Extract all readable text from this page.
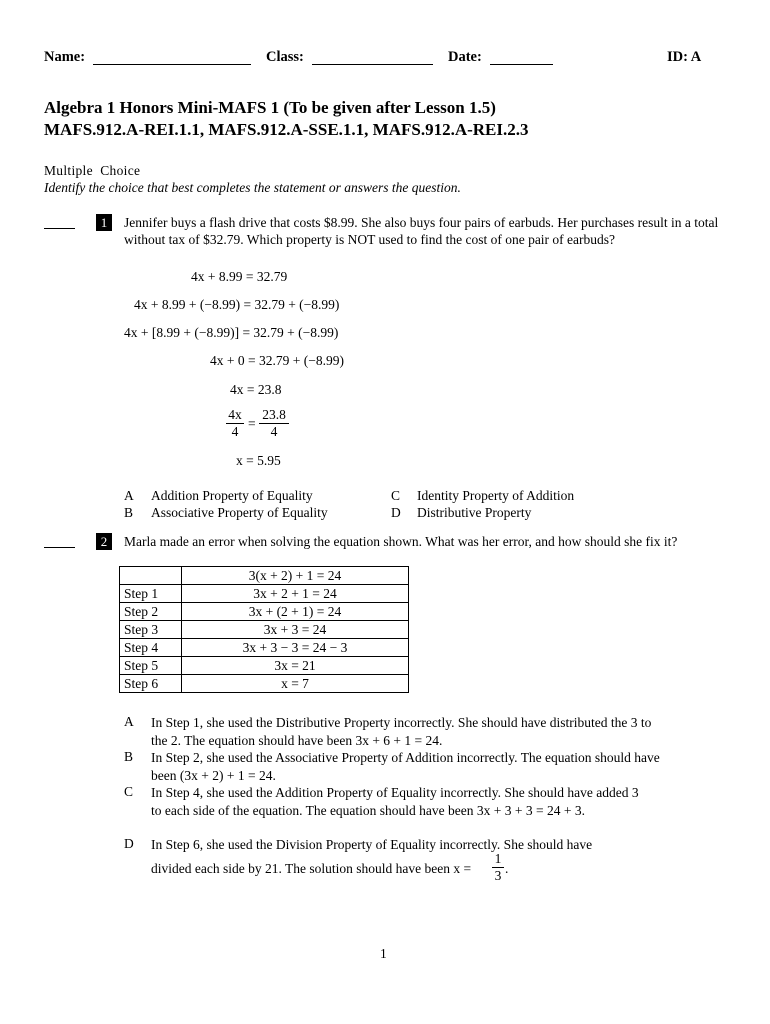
Name:	Class:	Date:	ID: A
Algebra 1 Honors Mini-MAFS 1 (To be given after Lesson 1.5)
MAFS.912.A-REI.1.1, MAFS.912.A-SSE.1.1, MAFS.912.A-REI.2.3
Multiple  Choice
Identify the choice that best completes the statement or answers the question.
1	Jennifer buys a flash drive that costs $8.99. She also buys four pairs of earbuds. Her purchases result in a total without tax of $32.79. Which property is NOT used to find the cost of one pair of earbuds?
4x + 8.99 = 32.79
4x + 8.99 + (−8.99) = 32.79 + (−8.99)
4x + [8.99 + (−8.99)] = 32.79 + (−8.99)
4x + 0 = 32.79 + (−8.99)
4x = 23.8
$\frac{4x}{4} = \frac{23.8}{4}$
x = 5.95
A Addition Property of Equality
B Associative Property of Equality
C Identity Property of Addition
D Distributive Property
2	Marla made an error when solving the equation shown. What was her error, and how should she fix it?
	3(x + 2) + 1 = 24
Step 1	3x + 2 + 1 = 24
Step 2	3x + (2 + 1) = 24
Step 3	3x + 3 = 24
Step 4	3x + 3 − 3 = 24 − 3
Step 5	3x = 21
Step 6	x = 7
A In Step 1, she used the Distributive Property incorrectly. She should have distributed the 3 to the 2. The equation should have been 3x + 6 + 1 = 24.
B In Step 2, she used the Associative Property of Addition incorrectly. The equation should have been (3x + 2) + 1 = 24.
C In Step 4, she used the Addition Property of Equality incorrectly. She should have added 3 to each side of the equation. The equation should have been 3x + 3 + 3 = 24 + 3.
D In Step 6, she used the Division Property of Equality incorrectly. She should have
divided each side by 21. The solution should have been $x = \frac{1}{3}$ .
1
